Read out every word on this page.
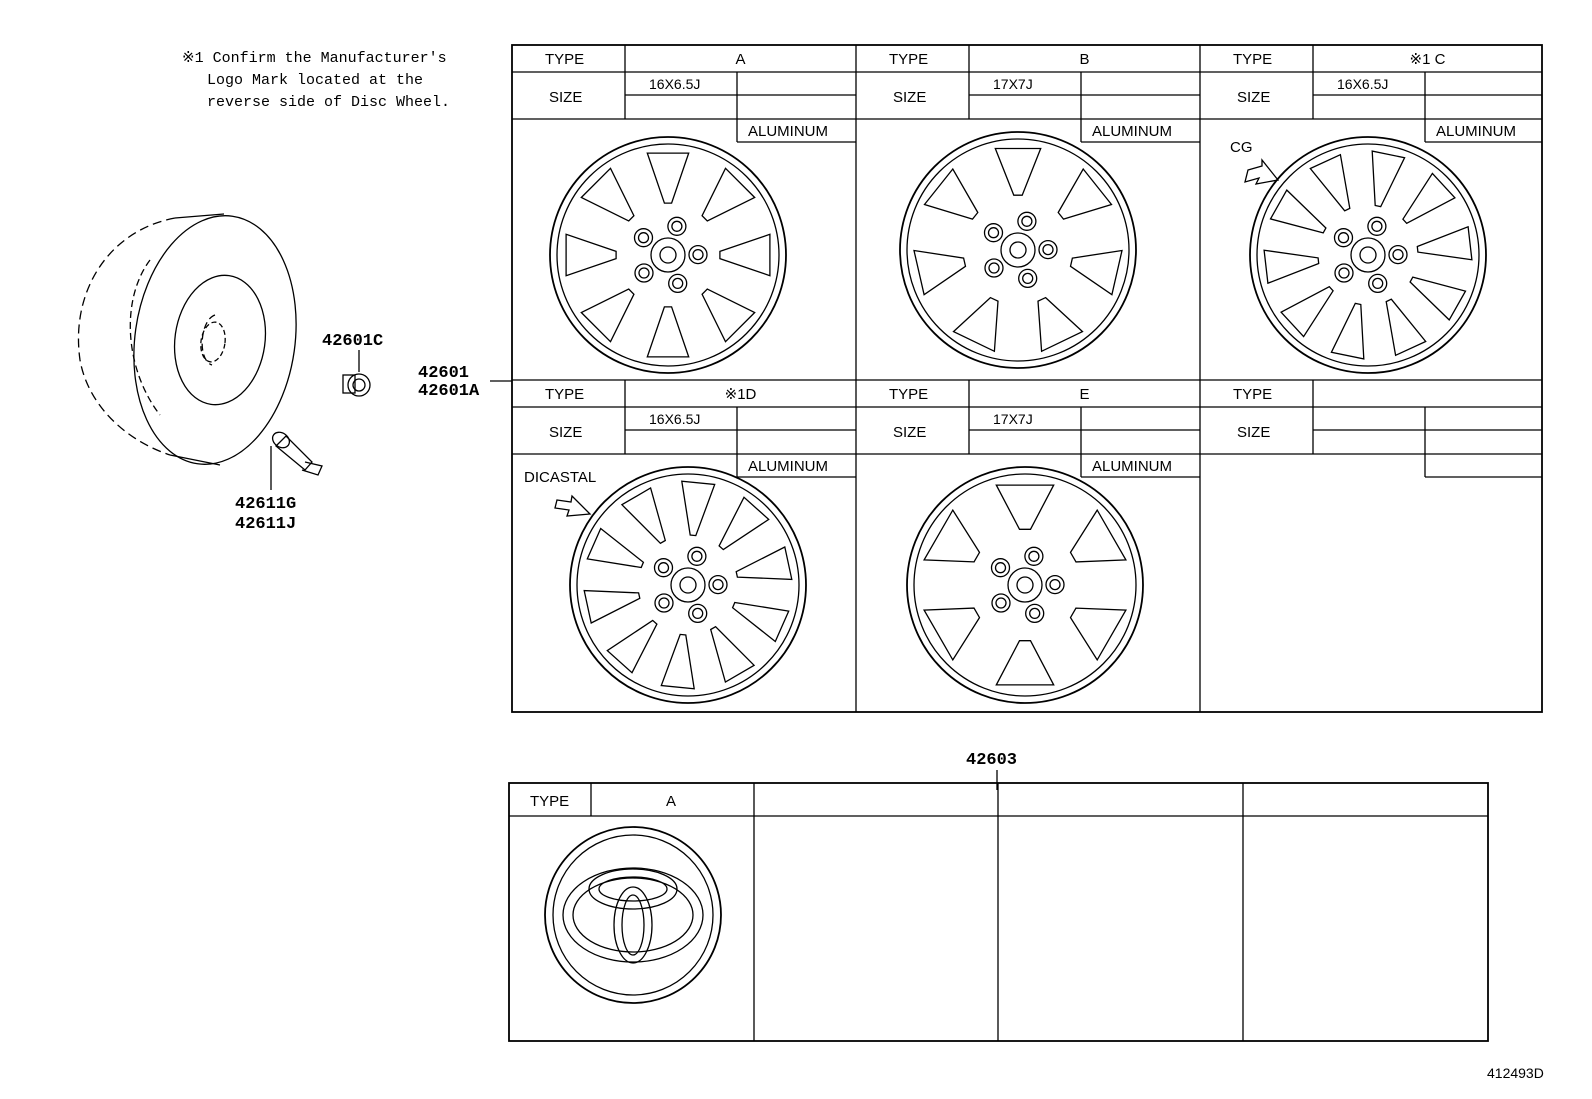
※1 Confirm the Manufacturer's
Logo Mark located at the
reverse side of Disc Wheel.
42601C
42611G
42611J
42601
42601A
TYPE
SIZE
A
16X6.5J
ALUMINUM
TYPE
SIZE
B
17X7J
ALUMINUM
TYPE
SIZE
※1 C
16X6.5J
ALUMINUM
CG
TYPE
SIZE
※1D
16X6.5J
ALUMINUM
DICASTAL
TYPE
SIZE
E
17X7J
ALUMINUM
TYPE
SIZE
42603
TYPE	A
412493D
